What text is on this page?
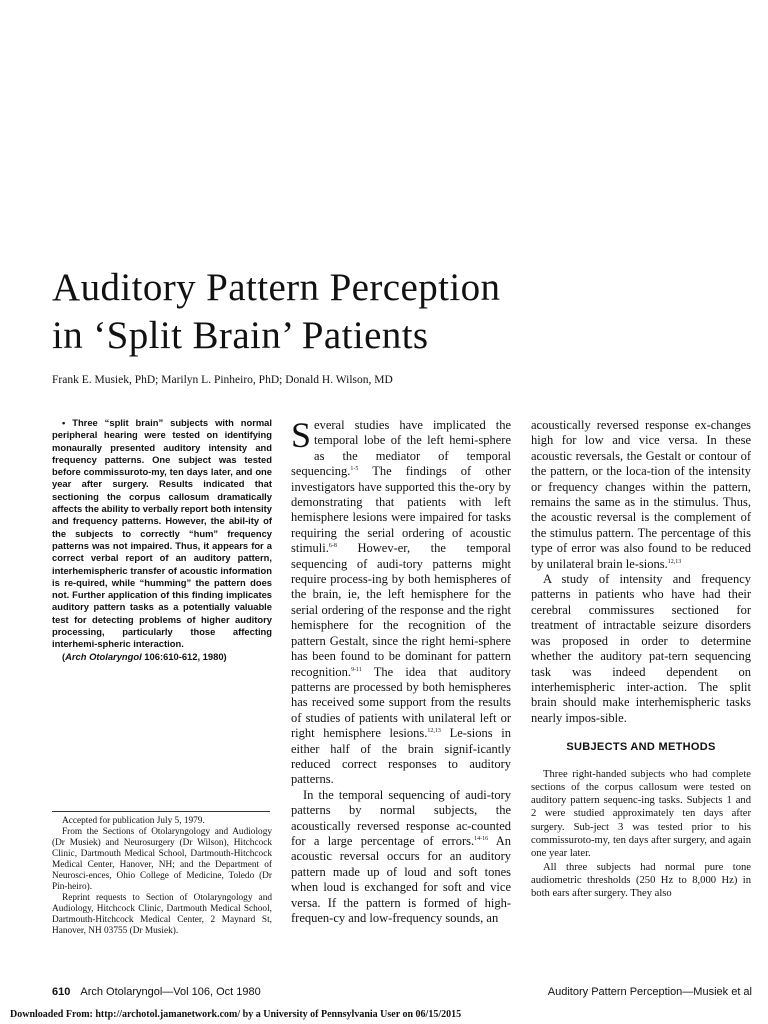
Auditory Pattern Perception
in ‘Split Brain’ Patients
Frank E. Musiek, PhD; Marilyn L. Pinheiro, PhD; Donald H. Wilson, MD

• Three “split brain” subjects with normal peripheral hearing were tested on identifying monaurally presented auditory intensity and frequency patterns. One subject was tested before commissuroto-my, ten days later, and one year after surgery. Results indicated that sectioning the corpus callosum dramatically affects the ability to verbally report both intensity and frequency patterns. However, the abil-ity of the subjects to correctly “hum” frequency patterns was not impaired. Thus, it appears for a correct verbal report of an auditory pattern, interhemispheric transfer of acoustic information is re-quired, while “humming” the pattern does not. Further application of this finding implicates auditory pattern tasks as a potentially valuable test for detecting problems of higher auditory processing, particularly those affecting interhemi-spheric interaction.

(Arch Otolaryngol 106:610-612, 1980)

Accepted for publication July 5, 1979.

From the Sections of Otolaryngology and Audiology (Dr Musiek) and Neurosurgery (Dr Wilson), Hitchcock Clinic, Dartmouth Medical School, Dartmouth-Hitchcock Medical Center, Hanover, NH; and the Department of Neurosci-ences, Ohio College of Medicine, Toledo (Dr Pin-heiro).

Reprint requests to Section of Otolaryngology and Audiology, Hitchcock Clinic, Dartmouth Medical School, Dartmouth-Hitchcock Medical Center, 2 Maynard St, Hanover, NH 03755 (Dr Musiek).

Several studies have implicated the temporal lobe of the left hemi-sphere as the mediator of temporal sequencing.$^{1-5}$ The findings of other investigators have supported this the-ory by demonstrating that patients with left hemisphere lesions were impaired for tasks requiring the serial ordering of acoustic stimuli.$^{6-8}$ Howev-er, the temporal sequencing of audi-tory patterns might require process-ing by both hemispheres of the brain, ie, the left hemisphere for the serial ordering of the response and the right hemisphere for the recognition of the pattern Gestalt, since the right hemi-sphere has been found to be dominant for pattern recognition.$^{9-11}$ The idea that auditory patterns are processed by both hemispheres has received some support from the results of studies of patients with unilateral left or right hemisphere lesions.$^{12,13}$ Le-sions in either half of the brain signif-icantly reduced correct responses to auditory patterns.

In the temporal sequencing of audi-tory patterns by normal subjects, the acoustically reversed response ac-counted for a large percentage of errors.$^{14-16}$ An acoustic reversal occurs for an auditory pattern made up of loud and soft tones when loud is exchanged for soft and vice versa. If the pattern is formed of high-frequen-cy and low-frequency sounds, an

acoustically reversed response ex-changes high for low and vice versa. In these acoustic reversals, the Gestalt or contour of the pattern, or the loca-tion of the intensity or frequency changes within the pattern, remains the same as in the stimulus. Thus, the acoustic reversal is the complement of the stimulus pattern. The percentage of this type of error was also found to be reduced by unilateral brain le-sions.$^{12,13}$

A study of intensity and frequency patterns in patients who have had their cerebral commissures sectioned for treatment of intractable seizure disorders was proposed in order to determine whether the auditory pat-tern sequencing task was indeed dependent on interhemispheric inter-action. The split brain should make interhemispheric tasks nearly impos-sible.

SUBJECTS AND METHODS

Three right-handed subjects who had complete sections of the corpus callosum were tested on auditory pattern sequenc-ing tasks. Subjects 1 and 2 were studied approximately ten days after surgery. Sub-ject 3 was tested prior to his commissuroto-my, ten days after surgery, and again one year later.

All three subjects had normal pure tone audiometric thresholds (250 Hz to 8,000 Hz) in both ears after surgery. They also

610 Arch Otolaryngol—Vol 106, Oct 1980	Auditory Pattern Perception—Musiek et al
Downloaded From: http://archotol.jamanetwork.com/ by a University of Pennsylvania User on 06/15/2015
